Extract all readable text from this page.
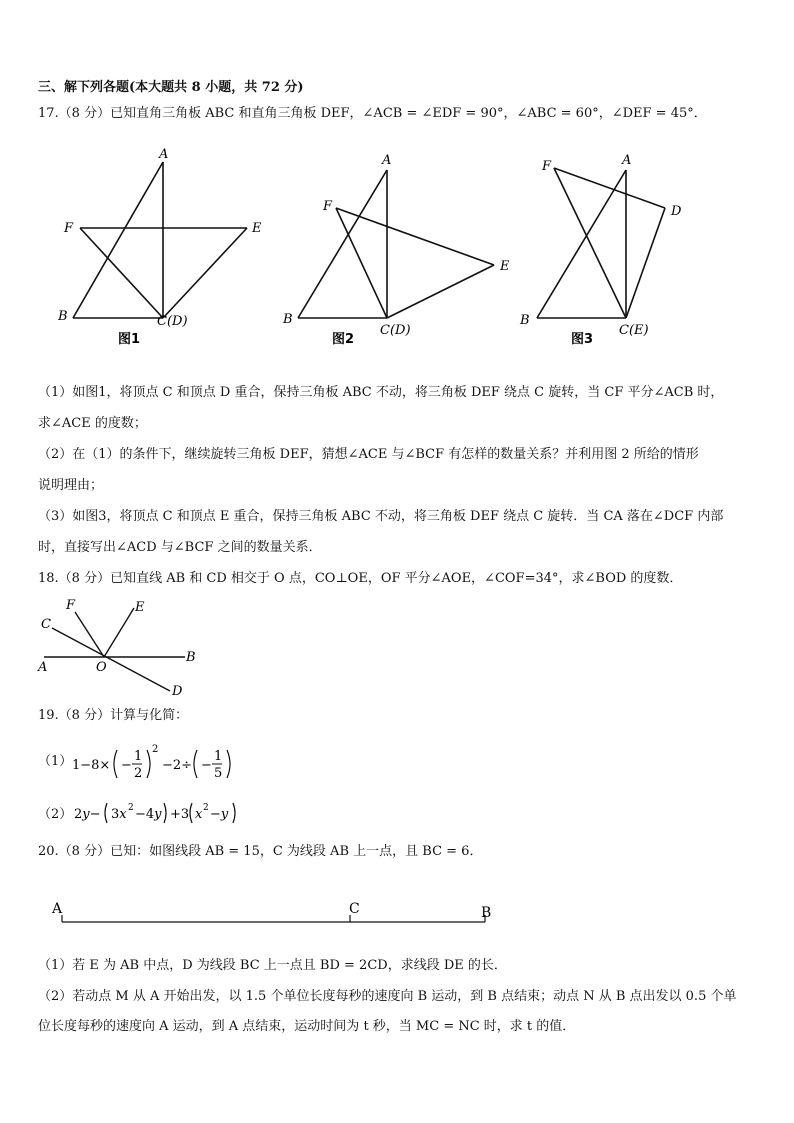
三、解下列各题(本大题共 8 小题，共 72 分)
17.（8 分）已知直角三角板 ABC 和直角三角板 DEF，∠ACB = ∠EDF = 90°，∠ABC = 60°，∠DEF = 45°．
A
F	E
B	C(D)
图1
A
F
E
B
C(D)
图2
F	A
D
B
C(E)
图3
（1）如图1，将顶点 C 和顶点 D 重合，保持三角板 ABC 不动，将三角板 DEF 绕点 C 旋转，当 CF 平分∠ACB 时，
求∠ACE 的度数；
（2）在（1）的条件下，继续旋转三角板 DEF，猜想∠ACE 与∠BCF 有怎样的数量关系？并利用图 2 所给的情形
说明理由；
（3）如图3，将顶点 C 和顶点 E 重合，保持三角板 ABC 不动，将三角板 DEF 绕点 C 旋转．当 CA 落在∠DCF 内部
时，直接写出∠ACD 与∠BCF 之间的数量关系．
18.（8 分）已知直线 AB 和 CD 相交于 O 点，CO⊥OE，OF 平分∠AOE，∠COF=34°，求∠BOD 的度数．
F	E
C
A	O
B
D
19.（8 分）计算与化简：
（1） 1−8× −
1
2
2
−2÷ −
1
5
（2） 2y− 3x 2 −4y +3 x 2 −y
20.（8 分）已知：如图线段 AB = 15，C 为线段 AB 上一点，且 BC = 6．
A	C	B
（1）若 E 为 AB 中点，D 为线段 BC 上一点且 BD = 2CD，求线段 DE 的长．
（2）若动点 M 从 A 开始出发，以 1.5 个单位长度每秒的速度向 B 运动，到 B 点结束；动点 N 从 B 点出发以 0.5 个单
位长度每秒的速度向 A 运动，到 A 点结束，运动时间为 t 秒，当 MC = NC 时，求 t 的值．
